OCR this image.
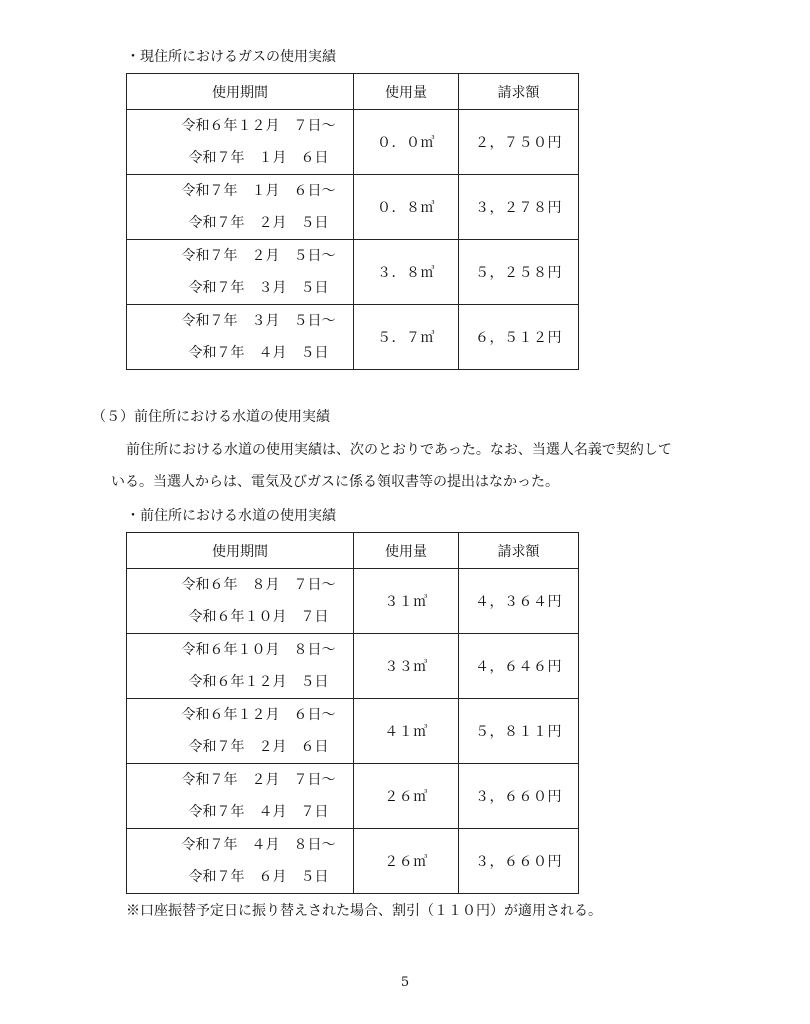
・現住所におけるガスの使用実績
使用期間	使用量	請求額

令和６年１２月　７日～
令和７年　１月　６日	０．０㎥	２，７５０円

令和７年　１月　６日～
令和７年　２月　５日	０．８㎥	３，２７８円

令和７年　２月　５日～
令和７年　３月　５日	３．８㎥	５，２５８円

令和７年　３月　５日～
令和７年　４月　５日	５．７㎥	６，５１２円
（５）前住所における水道の使用実績
前住所における水道の使用実績は、次のとおりであった。なお、当選人名義で契約して
いる。当選人からは、電気及びガスに係る領収書等の提出はなかった。
・前住所における水道の使用実績
使用期間	使用量	請求額

令和６年　８月　７日～
令和６年１０月　７日	３１㎥	４，３６４円

令和６年１０月　８日～
令和６年１２月　５日	３３㎥	４，６４６円

令和６年１２月　６日～
令和７年　２月　６日	４１㎥	５，８１１円

令和７年　２月　７日～
令和７年　４月　７日	２６㎥	３，６６０円

令和７年　４月　８日～
令和７年　６月　５日	２６㎥	３，６６０円
※口座振替予定日に振り替えされた場合、割引（１１０円）が適用される。
5
